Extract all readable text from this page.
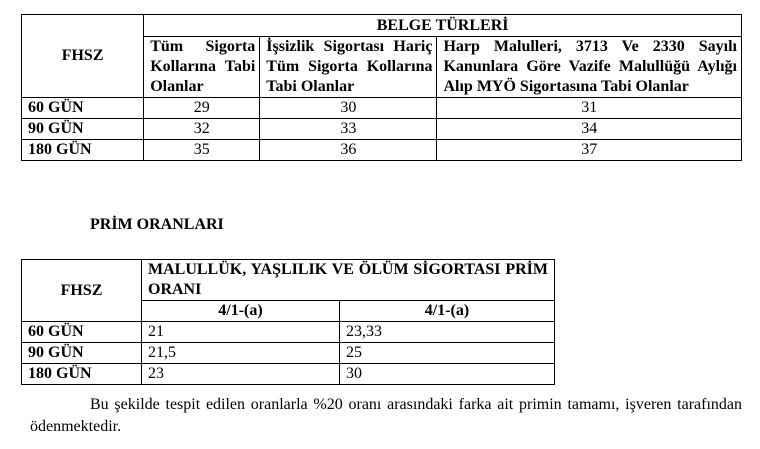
FHSZ	BELGE TÜRLERİ		
	Tüm Sigorta Kollarına Tabi Olanlar	İşsizlik Sigortası Hariç Tüm Sigorta Kollarına Tabi Olanlar	Harp Malulleri, 3713 Ve 2330 Sayılı Kanunlara Göre Vazife Malullüğü Aylığı Alıp MYÖ Sigortasına Tabi Olanlar
60 GÜN	29	30	31
90 GÜN	32	33	34
180 GÜN	35	36	37

PRİM ORANLARI

FHSZ	MALULLÜK, YAŞLILIK VE ÖLÜM SİGORTASI PRİM ORANI	
	4/1-(a)	4/1-(a)
60 GÜN	21	23,33
90 GÜN	21,5	25
180 GÜN	23	30

Bu şekilde tespit edilen oranlarla %20 oranı arasındaki farka ait primin tamamı, işveren tarafından ödenmektedir.
